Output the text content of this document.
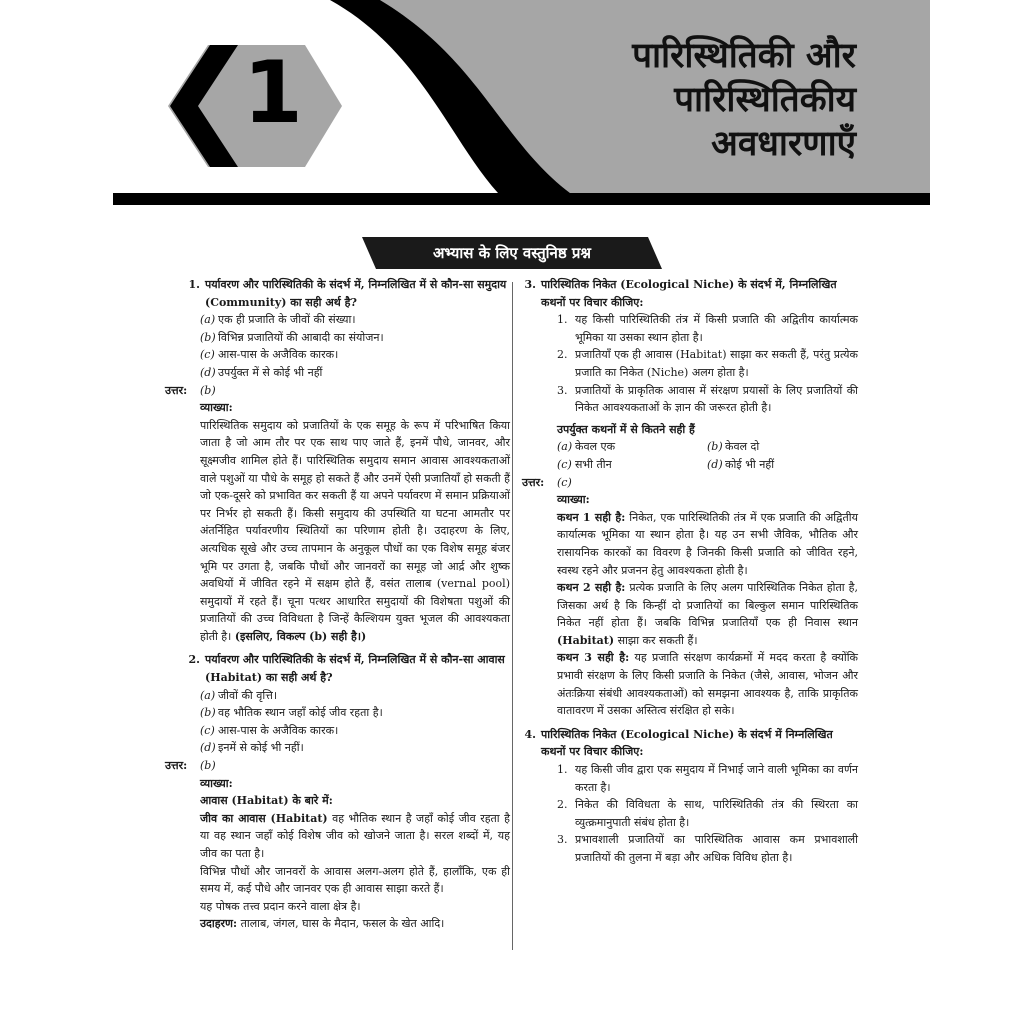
1	पारिस्थितिकी और
पारिस्थितिकीय
अवधारणाएँ
अभ्यास के लिए वस्तुनिष्ठ प्रश्न
1. पर्यावरण और पारिस्थितिकी के संदर्भ में, निम्नलिखित में से कौन-सा समुदाय (Community) का सही अर्थ है?
(a) एक ही प्रजाति के जीवों की संख्या।
(b) विभिन्न प्रजातियों की आबादी का संयोजन।
(c) आस-पास के अजैविक कारक।
(d) उपर्युक्त में से कोई भी नहीं
उत्तर:	(b)
व्याख्या:

पारिस्थितिक समुदाय को प्रजातियों के एक समूह के रूप में परिभाषित किया जाता है जो आम तौर पर एक साथ पाए जाते हैं, इनमें पौधे, जानवर, और सूक्ष्मजीव शामिल होते हैं। पारिस्थितिक समुदाय समान आवास आवश्यकताओं वाले पशुओं या पौधे के समूह हो सकते हैं और उनमें ऐसी प्रजातियाँ हो सकती हैं जो एक-दूसरे को प्रभावित कर सकती हैं या अपने पर्यावरण में समान प्रक्रियाओं पर निर्भर हो सकती हैं। किसी समुदाय की उपस्थिति या घटना आमतौर पर अंतर्निहित पर्यावरणीय स्थितियों का परिणाम होती है। उदाहरण के लिए, अत्यधिक सूखे और उच्च तापमान के अनुकूल पौधों का एक विशेष समूह बंजर भूमि पर उगता है, जबकि पौधों और जानवरों का समूह जो आर्द्र और शुष्क अवधियों में जीवित रहने में सक्षम होते हैं, वसंत तालाब (vernal pool) समुदायों में रहते हैं। चूना पत्थर आधारित समुदायों की विशेषता पशुओं की प्रजातियों की उच्च विविधता है जिन्हें कैल्शियम युक्त भूजल की आवश्यकता होती है। (इसलिए, विकल्प (b) सही है।)

2. पर्यावरण और पारिस्थितिकी के संदर्भ में, निम्नलिखित में से कौन-सा आवास (Habitat) का सही अर्थ है?
(a) जीवों की वृत्ति।
(b) वह भौतिक स्थान जहाँ कोई जीव रहता है।
(c) आस-पास के अजैविक कारक।
(d) इनमें से कोई भी नहीं।
उत्तर:	(b)
व्याख्या:
आवास (Habitat) के बारे में:

जीव का आवास (Habitat) वह भौतिक स्थान है जहाँ कोई जीव रहता है या वह स्थान जहाँ कोई विशेष जीव को खोजने जाता है। सरल शब्दों में, यह जीव का पता है।

विभिन्न पौधों और जानवरों के आवास अलग-अलग होते हैं, हालाँकि, एक ही समय में, कई पौधे और जानवर एक ही आवास साझा करते हैं।

यह पोषक तत्त्व प्रदान करने वाला क्षेत्र है।

उदाहरण: तालाब, जंगल, घास के मैदान, फसल के खेत आदि।

3. पारिस्थितिक निकेत (Ecological Niche) के संदर्भ में, निम्नलिखित कथनों पर विचार कीजिए:
1. यह किसी पारिस्थितिकी तंत्र में किसी प्रजाति की अद्वितीय कार्यात्मक भूमिका या उसका स्थान होता है।
2. प्रजातियाँ एक ही आवास (Habitat) साझा कर सकती हैं, परंतु प्रत्येक प्रजाति का निकेत (Niche) अलग होता है।
3. प्रजातियों के प्राकृतिक आवास में संरक्षण प्रयासों के लिए प्रजातियों की निकेत आवश्यकताओं के ज्ञान की जरूरत होती है।
उपर्युक्त कथनों में से कितने सही हैं
(a) केवल एक	(b) केवल दो
(c) सभी तीन	(d) कोई भी नहीं
उत्तर:	(c)
व्याख्या:

कथन 1 सही है: निकेत, एक पारिस्थितिकी तंत्र में एक प्रजाति की अद्वितीय कार्यात्मक भूमिका या स्थान होता है। यह उन सभी जैविक, भौतिक और रासायनिक कारकों का विवरण है जिनकी किसी प्रजाति को जीवित रहने, स्वस्थ रहने और प्रजनन हेतु आवश्यकता होती है।

कथन 2 सही है: प्रत्येक प्रजाति के लिए अलग पारिस्थितिक निकेत होता है, जिसका अर्थ है कि किन्हीं दो प्रजातियों का बिल्कुल समान पारिस्थितिक निकेत नहीं होता हैं। जबकि विभिन्न प्रजातियाँ एक ही निवास स्थान (Habitat) साझा कर सकती हैं।

कथन 3 सही है: यह प्रजाति संरक्षण कार्यक्रमों में मदद करता है क्योंकि प्रभावी संरक्षण के लिए किसी प्रजाति के निकेत (जैसे, आवास, भोजन और अंतःक्रिया संबंधी आवश्यकताओं) को समझना आवश्यक है, ताकि प्राकृतिक वातावरण में उसका अस्तित्व संरक्षित हो सके।

4. पारिस्थितिक निकेत (Ecological Niche) के संदर्भ में निम्नलिखित कथनों पर विचार कीजिए:
1. यह किसी जीव द्वारा एक समुदाय में निभाई जाने वाली भूमिका का वर्णन करता है।
2. निकेत की विविधता के साथ, पारिस्थितिकी तंत्र की स्थिरता का व्युत्क्रमानुपाती संबंध होता है।
3. प्रभावशाली प्रजातियों का पारिस्थितिक आवास कम प्रभावशाली प्रजातियों की तुलना में बड़ा और अधिक विविध होता है।
